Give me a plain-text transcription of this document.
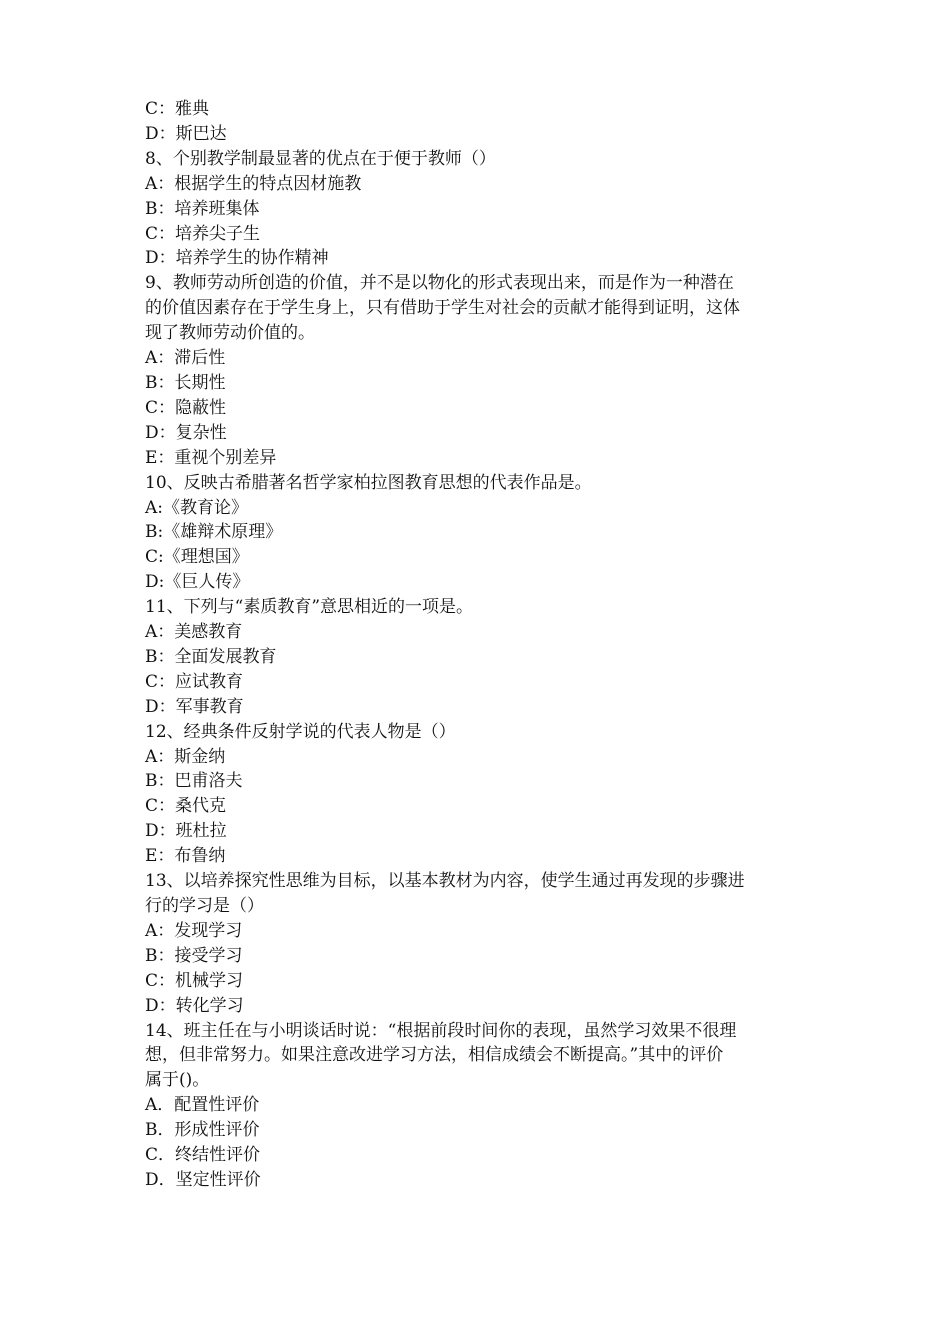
C：雅典
D：斯巴达
8、个别教学制最显著的优点在于便于教师（）
A：根据学生的特点因材施教
B：培养班集体
C：培养尖子生
D：培养学生的协作精神
9、教师劳动所创造的价值，并不是以物化的形式表现出来，而是作为一种潜在
的价值因素存在于学生身上，只有借助于学生对社会的贡献才能得到证明，这体
现了教师劳动价值的。
A：滞后性
B：长期性
C：隐蔽性
D：复杂性
E：重视个别差异
10、反映古希腊著名哲学家柏拉图教育思想的代表作品是。
A:《教育论》
B:《雄辩术原理》
C:《理想国》
D:《巨人传》
11、下列与“素质教育”意思相近的一项是。
A：美感教育
B：全面发展教育
C：应试教育
D：军事教育
12、经典条件反射学说的代表人物是（）
A：斯金纳
B：巴甫洛夫
C：桑代克
D：班杜拉
E：布鲁纳
13、以培养探究性思维为目标，以基本教材为内容，使学生通过再发现的步骤进
行的学习是（）
A：发现学习
B：接受学习
C：机械学习
D：转化学习
14、班主任在与小明谈话时说：“根据前段时间你的表现，虽然学习效果不很理
想，但非常努力。如果注意改进学习方法，相信成绩会不断提高。”其中的评价
属于()。
A．配置性评价
B．形成性评价
C．终结性评价
D．坚定性评价
